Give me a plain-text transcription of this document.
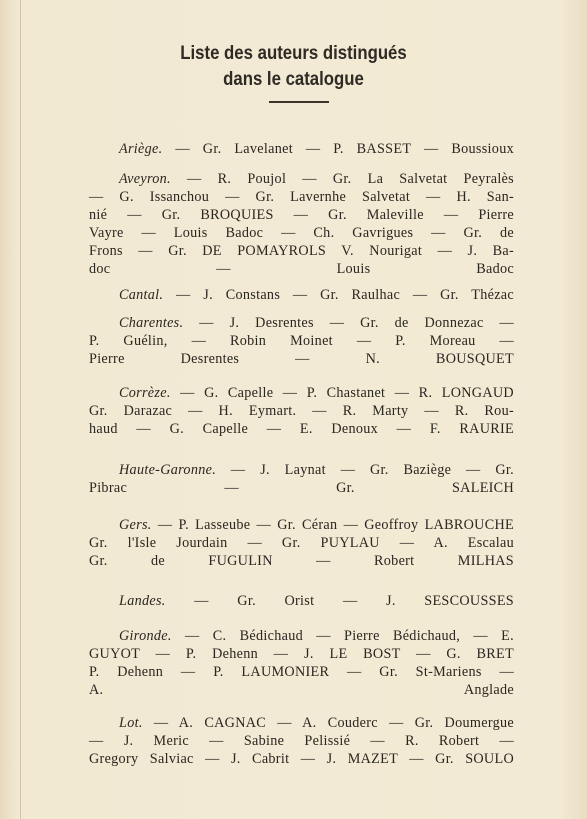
Liste des auteurs distingués
dans le catalogue
Ariège. — Gr. Lavelanet — P. BASSET — Boussioux
Aveyron. — R. Poujol — Gr. La Salvetat Peyralès
— G. Issanchou — Gr. Lavernhe Salvetat — H. San-
nié — Gr. BROQUIES — Gr. Maleville — Pierre
Vayre — Louis Badoc — Ch. Gavrigues — Gr. de
Frons — Gr. DE POMAYROLS V. Nourigat — J. Ba-
doc — Louis Badoc
Cantal. — J. Constans — Gr. Raulhac — Gr. Thézac
Charentes. — J. Desrentes — Gr. de Donnezac —
P. Guélin, — Robin Moinet — P. Moreau —
Pierre Desrentes — N. BOUSQUET
Corrèze. — G. Capelle — P. Chastanet — R. LONGAUD
Gr. Darazac — H. Eymart. — R. Marty — R. Rou-
haud — G. Capelle — E. Denoux — F. RAURIE
Haute-Garonne. — J. Laynat — Gr. Baziège — Gr.
Pibrac — Gr. SALEICH
Gers. — P. Lasseube — Gr. Céran — Geoffroy LABROUCHE
Gr. l'Isle Jourdain — Gr. PUYLAU — A. Escalau
Gr. de FUGULIN — Robert MILHAS
Landes. — Gr. Orist — J. SESCOUSSES
Gironde. — C. Bédichaud — Pierre Bédichaud, — E.
GUYOT — P. Dehenn — J. LE BOST — G. BRET
P. Dehenn — P. LAUMONIER — Gr. St-Mariens —
A. Anglade
Lot. — A. CAGNAC — A. Couderc — Gr. Doumergue
— J. Meric — Sabine Pelissié — R. Robert —
Gregory Salviac — J. Cabrit — J. MAZET — Gr. SOULO
